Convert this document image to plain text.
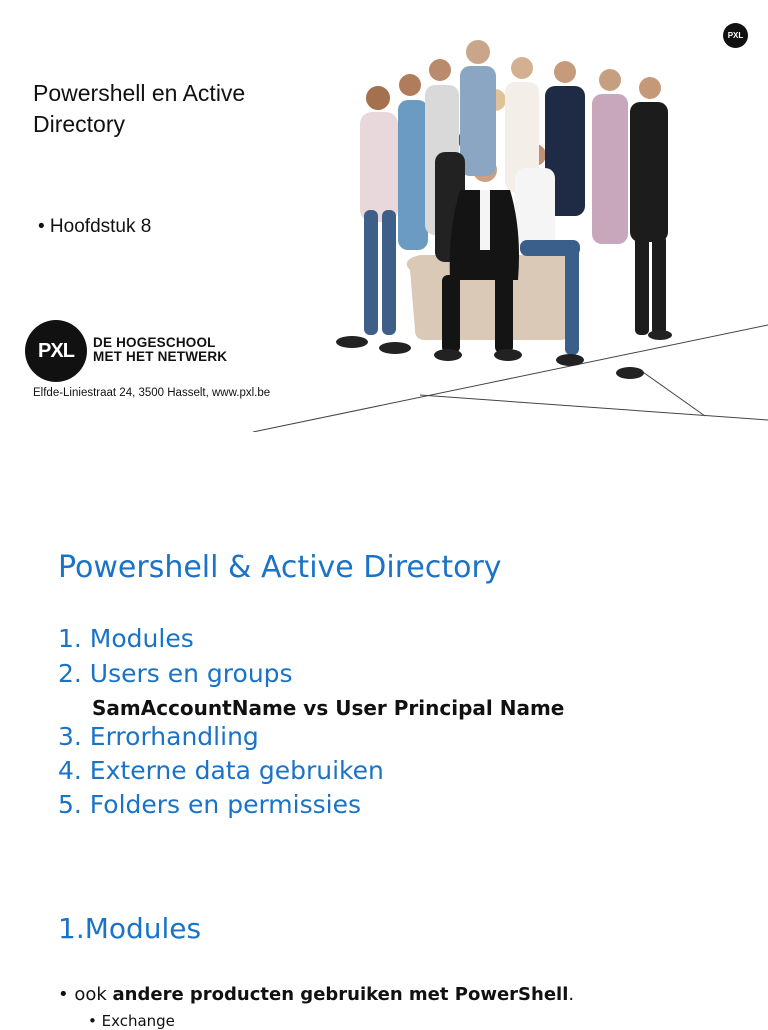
Powershell en Active Directory
• Hoofdstuk 8
PXL DE HOGESCHOOL
MET HET NETWERK
Elfde-Liniestraat 24, 3500 Hasselt, www.pxl.be
PXL
Powershell & Active Directory
1. Modules
2. Users en groups
SamAccountName vs User Principal Name
3. Errorhandling
4. Externe data gebruiken
5. Folders en permissies
1.Modules
• ook andere producten gebruiken met PowerShell.
• Exchange
